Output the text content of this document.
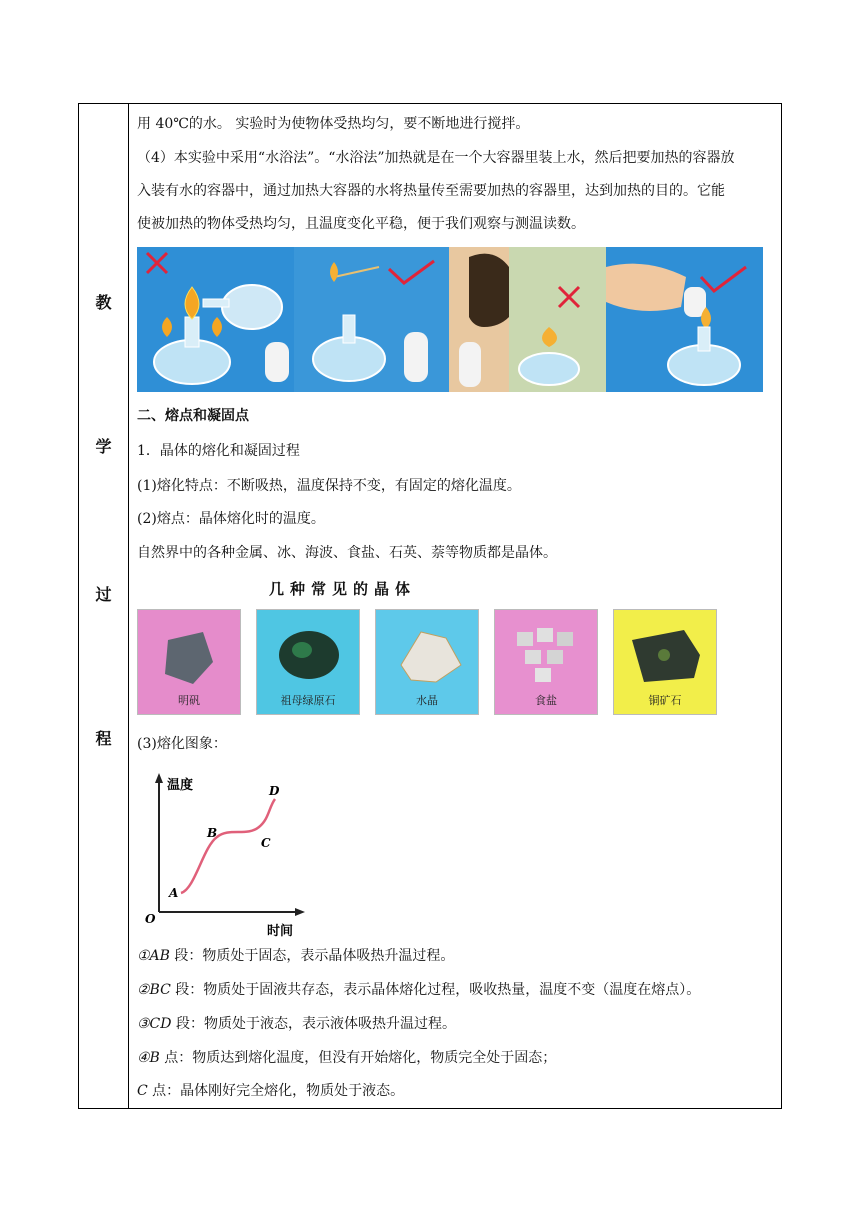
教
学
过
程
用 40℃的水。 实验时为使物体受热均匀，要不断地进行搅拌。
（4）本实验中采用“水浴法”。“水浴法”加热就是在一个大容器里装上水，然后把要加热的容器放
入装有水的容器中，通过加热大容器的水将热量传至需要加热的容器里，达到加热的目的。它能
使被加热的物体受热均匀，且温度变化平稳，便于我们观察与测温读数。
二、熔点和凝固点
1．晶体的熔化和凝固过程
(1)熔化特点：不断吸热，温度保持不变，有固定的熔化温度。
(2)熔点：晶体熔化时的温度。
自然界中的各种金属、冰、海波、食盐、石英、萘等物质都是晶体。
几种常见的晶体
明矾	祖母绿原石	水晶	食盐	铜矿石
(3)熔化图象：
温度
时间
O
A
B
C
D
①AB 段：物质处于固态，表示晶体吸热升温过程。
②BC 段：物质处于固液共存态，表示晶体熔化过程，吸收热量，温度不变（温度在熔点）。
③CD 段：物质处于液态，表示液体吸热升温过程。
④B 点：物质达到熔化温度，但没有开始熔化，物质完全处于固态；
C 点：晶体刚好完全熔化，物质处于液态。
